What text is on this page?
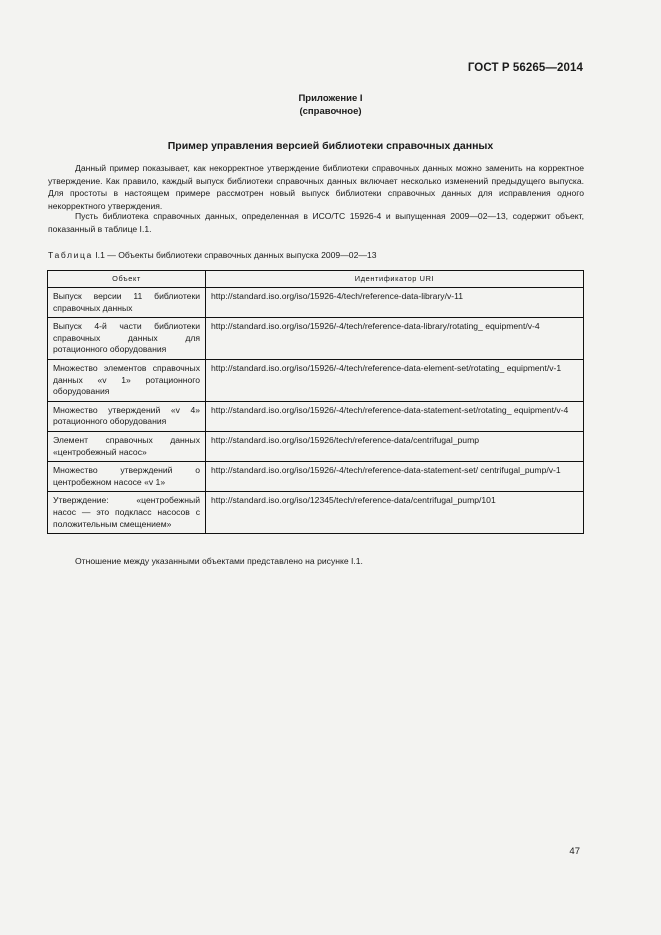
ГОСТ Р 56265—2014
Приложение I
(справочное)
Пример управления версией библиотеки справочных данных
Данный пример показывает, как некорректное утверждение библиотеки справочных данных можно заменить на корректное утверждение. Как правило, каждый выпуск библиотеки справочных данных включает несколько изменений предыдущего выпуска. Для простоты в настоящем примере рассмотрен новый выпуск библиотеки справочных данных для исправления одного некорректного утверждения.
Пусть библиотека справочных данных, определенная в ИСО/ТС 15926-4 и выпущенная 2009—02—13, содержит объект, показанный в таблице I.1.
Таблица I.1 — Объекты библиотеки справочных данных выпуска 2009—02—13
Объект	Идентификатор URI
Выпуск версии 11 библиотеки справочных данных	http://standard.iso.org/iso/15926-4/tech/reference-data-library/v-11
Выпуск 4-й части библиотеки справочных данных для ротационного оборудования	http://standard.iso.org/iso/15926/-4/tech/reference-data-library/rotating_ equipment/v-4
Множество элементов справочных данных «v 1» ротационного оборудования	http://standard.iso.org/iso/15926/-4/tech/reference-data-element-set/rotating_ equipment/v-1
Множество утверждений «v 4» ротационного оборудования	http://standard.iso.org/iso/15926/-4/tech/reference-data-statement-set/rotating_ equipment/v-4
Элемент справочных данных «центробежный насос»	http://standard.iso.org/iso/15926/tech/reference-data/centrifugal_pump
Множество утверждений о центробежном насосе «v 1»	http://standard.iso.org/iso/15926/-4/tech/reference-data-statement-set/ centrifugal_pump/v-1
Утверждение: «центробежный насос — это подкласс насосов с положительным смещением»	http://standard.iso.org/iso/12345/tech/reference-data/centrifugal_pump/101
Отношение между указанными объектами представлено на рисунке I.1.
47
